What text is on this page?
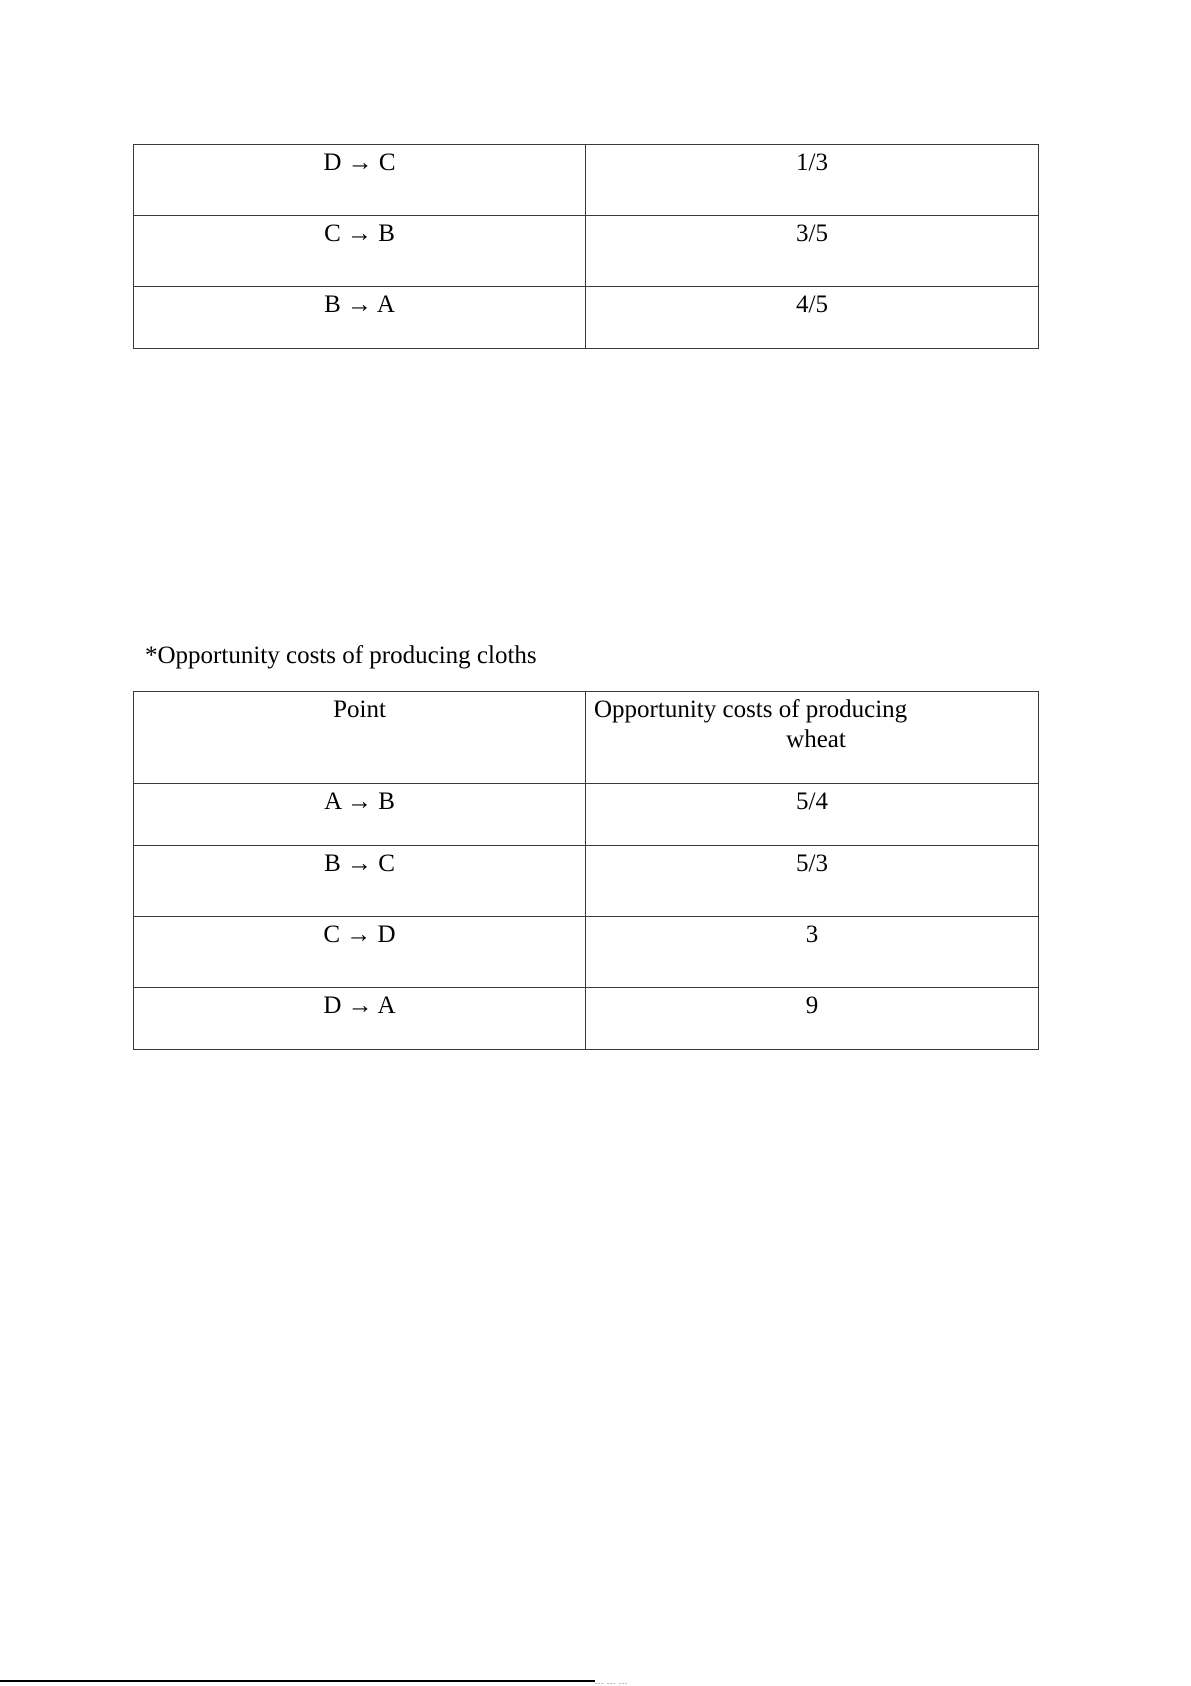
D → C	1/3
C → B	3/5
B → A	4/5
*Opportunity costs of producing cloths
Point	Opportunity costs of producing
wheat

A → B	5/4
B → C	5/3
C → D	3
D → A	9
... ... ...
